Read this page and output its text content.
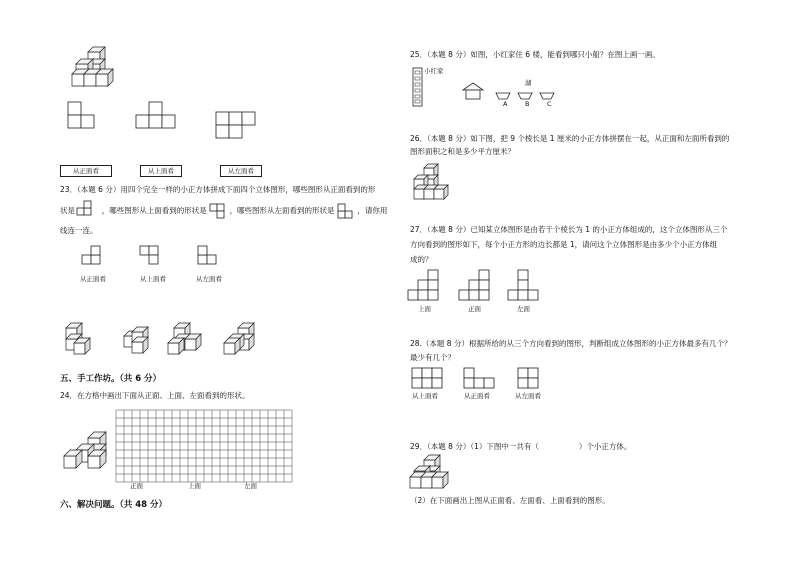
从正面看	从上面看	从左面看
23．（本题 6 分）用四个完全一样的小正方体拼成下面四个立体图形，哪些图形从正面看到的形
状是	，哪些图形从上面看到的形状是	，哪些图形从左面看到的形状是	，请你用
线连一连。
从正面看	从上面看	从左面看
五、手工作坊。（共 6 分）
24．在方格中画出下面从正面、上面、左面看到的形状。
正面	上面	左面
六、解决问题。（共 48 分）
25．（本题 8 分）如图，小红家住 6 楼，能看到哪只小船？在图上画一画。
小红家
湖
A	B	C
26．（本题 8 分）如下图，把 9 个棱长是 1 厘米的小正方体拼摆在一起，从正面和左面所看到的
图形面积之和是多少平方厘米？
27．（本题 8 分）已知某立体图形是由若干个棱长为 1 的小正方体组成的，这个立体图形从三个
方向看到的图形如下，每个小正方形的边长都是 1，请问这个立体图形是由多少个小正方体组
成的？
上面	正面	左面
28.（本题 8 分）根据所给的从三个方向看到的图形，判断组成立体图形的小正方体最多有几个？
最少有几个？
从上面看	从正面看	从左面看
29．（本题 8 分）（1）下图中一共有（	）个小正方体。
（2）在下面画出上图从正面看、左面看、上面看到的图形。
